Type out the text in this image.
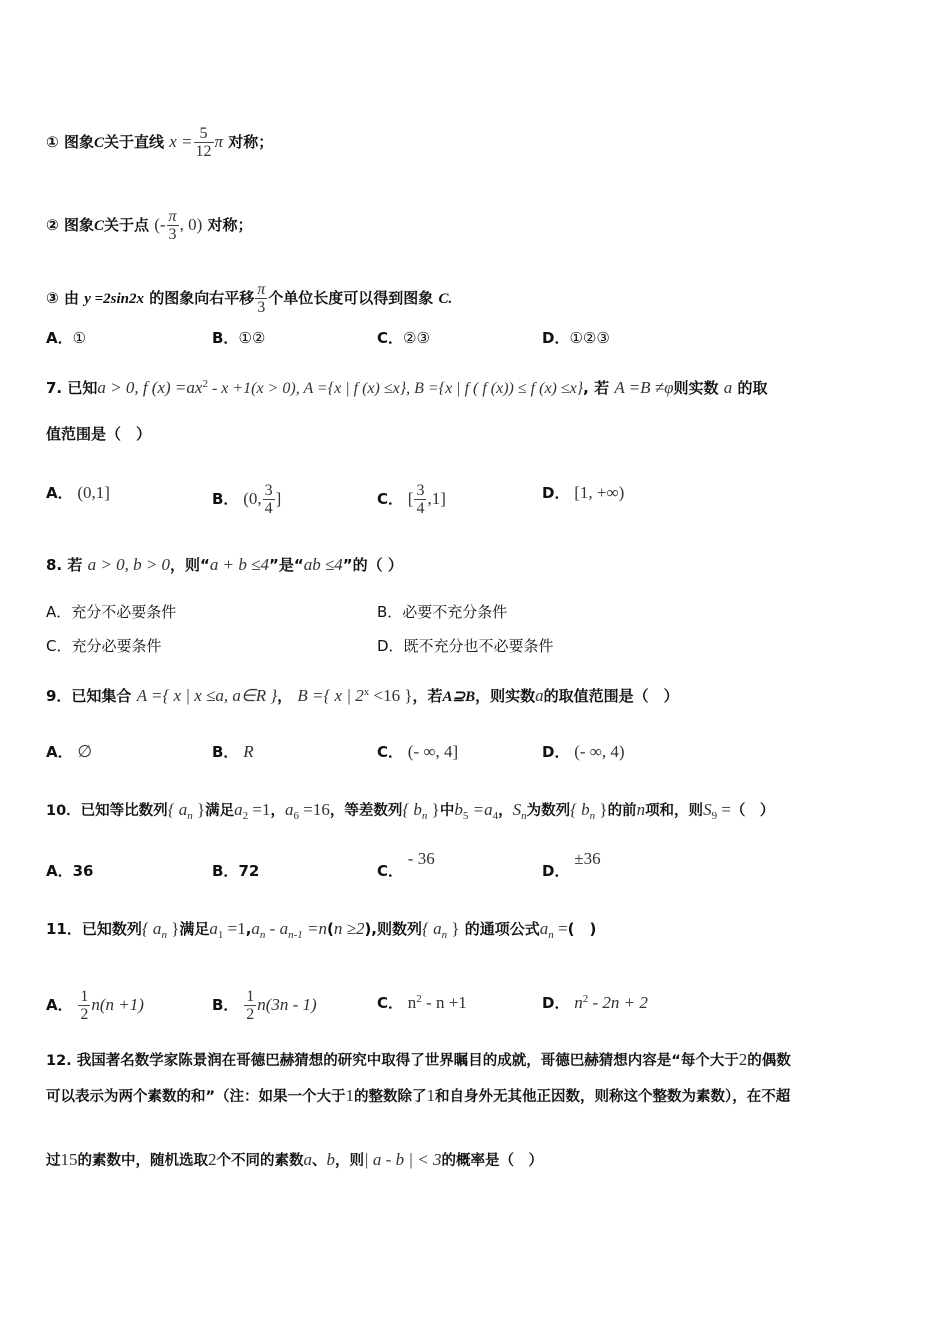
① 图象C关于直线 $x = \frac{5}{12}$ π 对称；
② 图象C关于点 (- $\frac{\pi}{3}$ , 0) 对称；
③ 由 y =2sin2x 的图象向右平移 $\frac{\pi}{3}$ 个单位长度可以得到图象 C.
A．①	B．①②	C．②③	D．①②③
7. 已知a > 0, f $(x) =ax^2 - x +1(x > 0)$, A ={x | f (x) ≤x}, B ={x | f ( f (x)) ≤ f (x) ≤x}, 若 A =B ≠φ则实数 a 的取
值范围是（　）
A． (0,1]	B． (0, $\frac{3}{4}$ ]	C． [ $\frac{3}{4} ,1$]	D． [1, +∞)
8. 若 a > 0, b > 0，则“a + b ≤4”是“ab ≤4”的（ ）
A．充分不必要条件	B．必要不充分条件
C．充分必要条件	D．既不充分也不必要条件
9．已知集合 A ={ x | x ≤a, a∈R }， B ={ x | $2^x <16$ }，若A⊇B，则实数a的取值范围是（　）
A． ∅	B． R	C． (- ∞, 4]	D． (- ∞, 4)
10．已知等比数列{ $a_n$ }满足$a_2 =1$，$a_6 =16$，等差数列{ $b_n$ }中$b_5 =a_4$，$S_n$为数列{ $b_n$ }的前n项和，则$S_9$ =（　）
A．36	B．72	C． - 36
D． ±36
11．已知数列{ $a_n$ }满足$a_1 =1,a_n - a_{n-1} =n(n \ge 2)$,则数列{ $a_n$ } 的通项公式$a_n$ =(　)
A． $\frac{1}{2} n(n +1)$	B． $\frac{1}{2} n(3n - 1)$	C． $n^2 - n +1$	D． $n^2 - 2n + 2$
12. 我国著名数学家陈景润在哥德巴赫猜想的研究中取得了世界瞩目的成就，哥德巴赫猜想内容是“每个大于2的偶数
可以表示为两个素数的和”（注：如果一个大于1的整数除了1和自身外无其他正因数，则称这个整数为素数），在不超
过15的素数中，随机选取2个不同的素数a、b，则| a - b | < 3的概率是（　）
